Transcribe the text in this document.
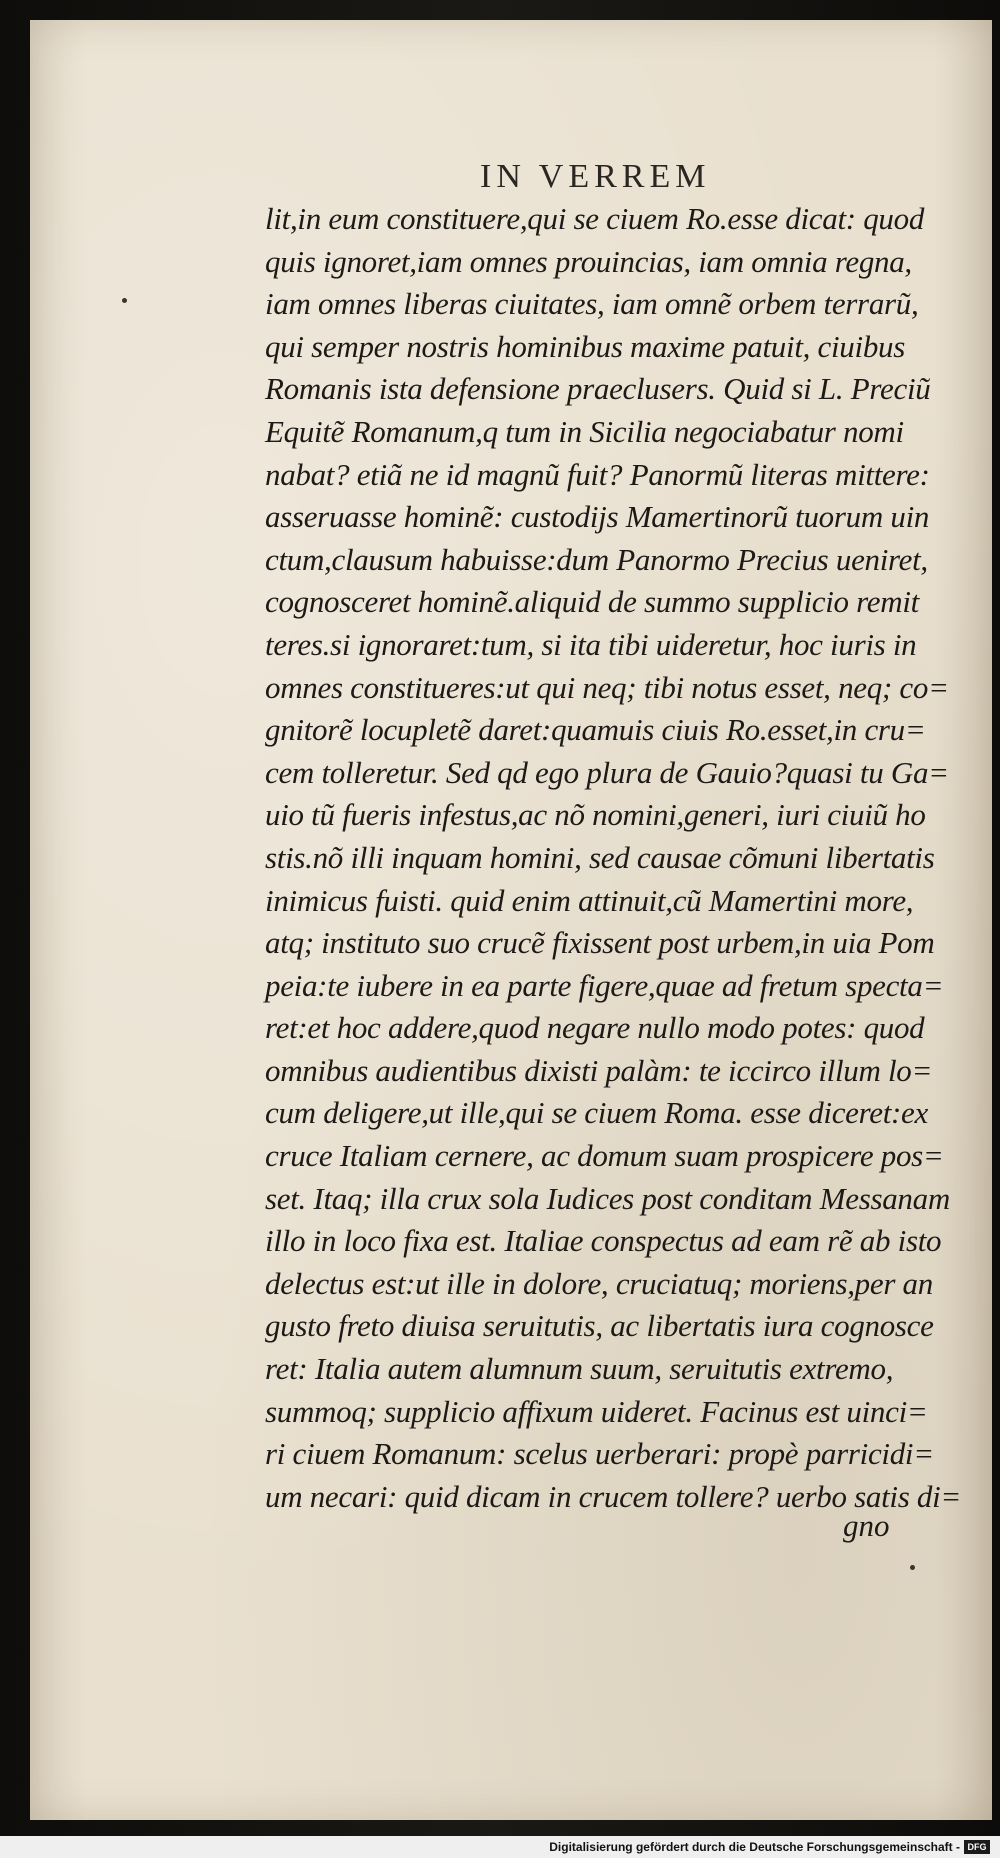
IN VERREM
lit,in eum constituere,qui se ciuem Ro.esse dicat: quod
quis ignoret,iam omnes prouincias, iam omnia regna,
iam omnes liberas ciuitates, iam omnẽ orbem terrarũ,
qui semper nostris hominibus maxime patuit, ciuibus
Romanis ista defensione praeclusers. Quid si L. Preciũ
Equitẽ Romanum,q tum in Sicilia negociabatur nomi
nabat? etiã ne id magnũ fuit? Panormũ literas mittere:
asseruasse hominẽ: custodijs Mamertinorũ tuorum uin
ctum,clausum habuisse:dum Panormo Precius ueniret,
cognosceret hominẽ.aliquid de summo supplicio remit
teres.si ignoraret:tum, si ita tibi uideretur, hoc iuris in
omnes constitueres:ut qui neq; tibi notus esset, neq; co=
gnitorẽ locupletẽ daret:quamuis ciuis Ro.esset,in cru=
cem tolleretur. Sed qd ego plura de Gauio?quasi tu Ga=
uio tũ fueris infestus,ac nõ nomini,generi, iuri ciuiũ ho
stis.nõ illi inquam homini, sed causae cõmuni libertatis
inimicus fuisti. quid enim attinuit,cũ Mamertini more,
atq; instituto suo crucẽ fixissent post urbem,in uia Pom
peia:te iubere in ea parte figere,quae ad fretum specta=
ret:et hoc addere,quod negare nullo modo potes: quod
omnibus audientibus dixisti palàm: te iccirco illum lo=
cum deligere,ut ille,qui se ciuem Roma. esse diceret:ex
cruce Italiam cernere, ac domum suam prospicere pos=
set. Itaq; illa crux sola Iudices post conditam Messanam
illo in loco fixa est. Italiae conspectus ad eam rẽ ab isto
delectus est:ut ille in dolore, cruciatuq; moriens,per an
gusto freto diuisa seruitutis, ac libertatis iura cognosce
ret: Italia autem alumnum suum, seruitutis extremo,
summoq; supplicio affixum uideret. Facinus est uinci=
ri ciuem Romanum: scelus uerberari: propè parricidi=
um necari: quid dicam in crucem tollere? uerbo satis di=
gno
Digitalisierung gefördert durch die Deutsche Forschungsgemeinschaft - DFG
